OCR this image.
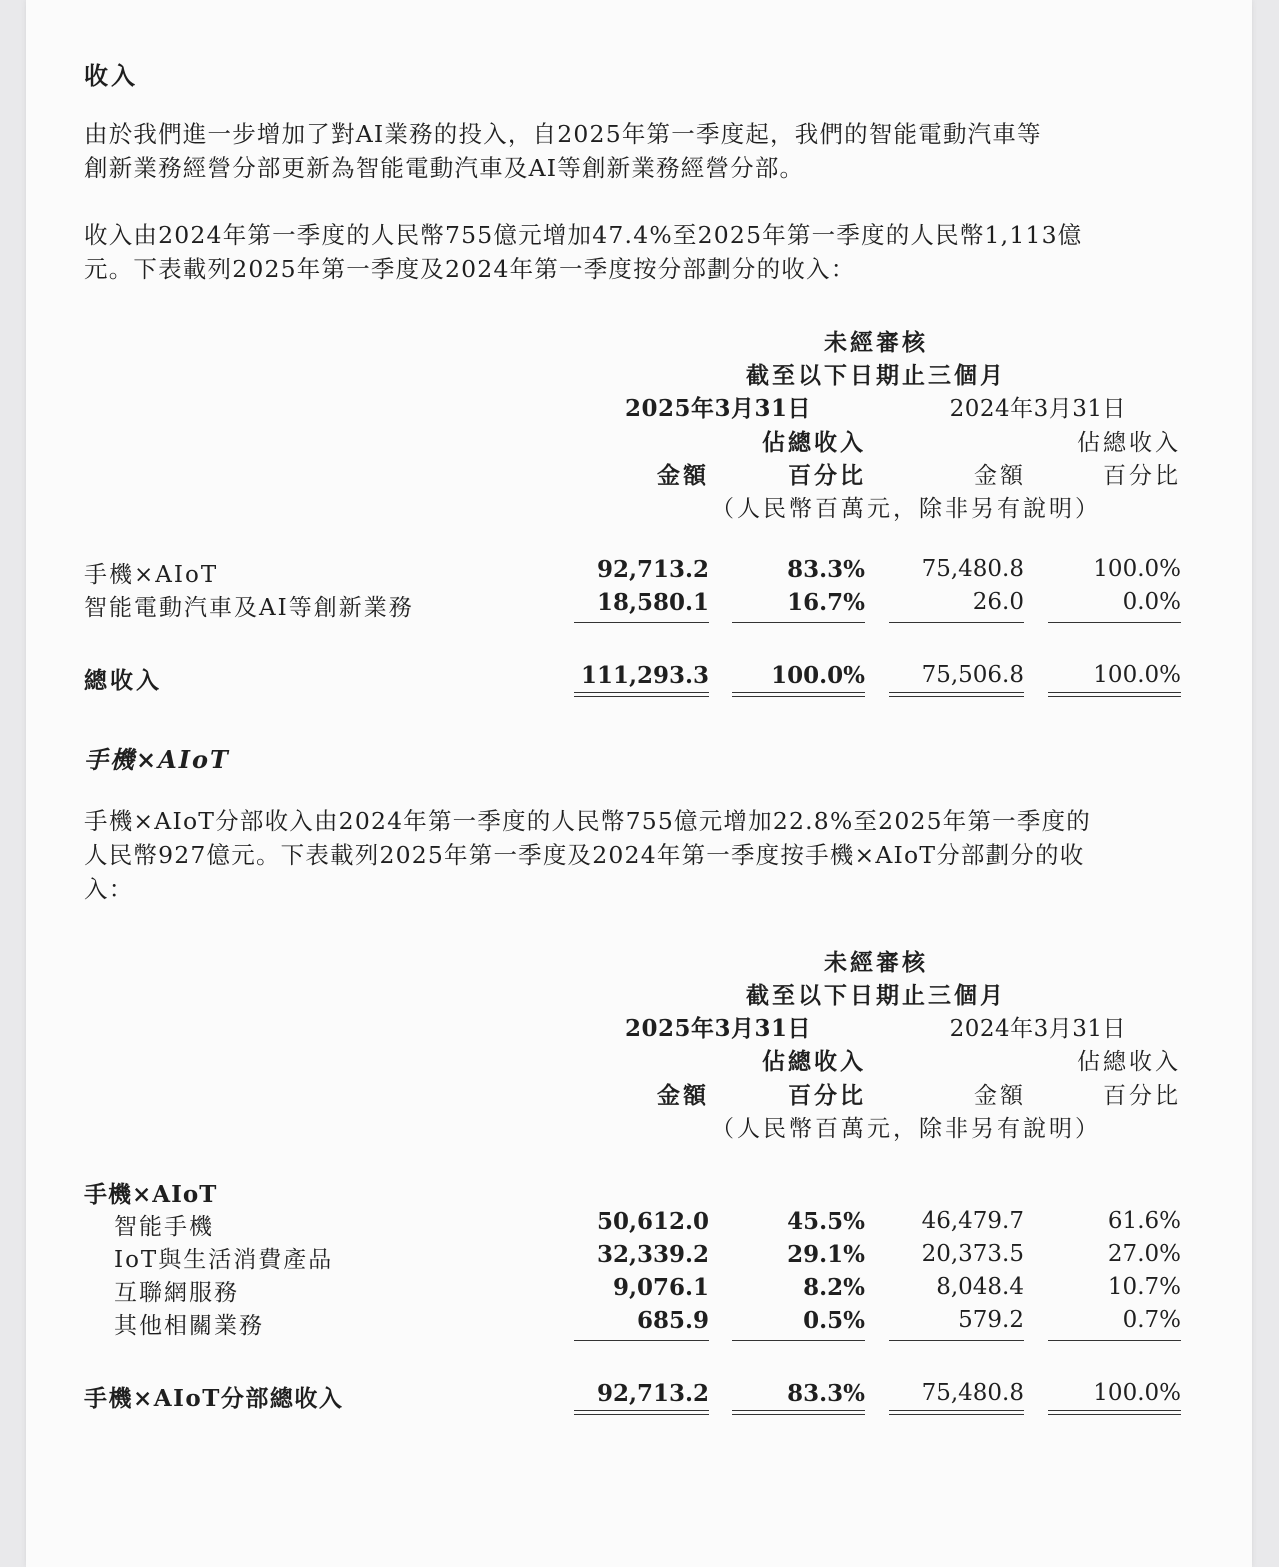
收入
由於我們進一步增加了對AI業務的投入，自2025年第一季度起，我們的智能電動汽車等
創新業務經營分部更新為智能電動汽車及AI等創新業務經營分部。
收入由2024年第一季度的人民幣755億元增加47.4%至2025年第一季度的人民幣1,113億
元。下表載列2025年第一季度及2024年第一季度按分部劃分的收入：
未經審核
截至以下日期止三個月
2025年3月31日	2024年3月31日
佔總收入	佔總收入
金額	百分比	金額	百分比
（人民幣百萬元，除非另有說明）
手機×AIoT	92,713.2	83.3%	75,480.8	100.0%
智能電動汽車及AI等創新業務	18,580.1	16.7%	26.0	0.0%
總收入	111,293.3	100.0%	75,506.8	100.0%
手機×AIoT
手機×AIoT分部收入由2024年第一季度的人民幣755億元增加22.8%至2025年第一季度的
人民幣927億元。下表載列2025年第一季度及2024年第一季度按手機×AIoT分部劃分的收
入：
未經審核
截至以下日期止三個月
2025年3月31日	2024年3月31日
佔總收入	佔總收入
金額	百分比	金額	百分比
（人民幣百萬元，除非另有說明）
手機×AIoT
智能手機	50,612.0	45.5%	46,479.7	61.6%
IoT與生活消費產品	32,339.2	29.1%	20,373.5	27.0%
互聯網服務	9,076.1	8.2%	8,048.4	10.7%
其他相關業務	685.9	0.5%	579.2	0.7%
手機×AIoT分部總收入	92,713.2	83.3%	75,480.8	100.0%
